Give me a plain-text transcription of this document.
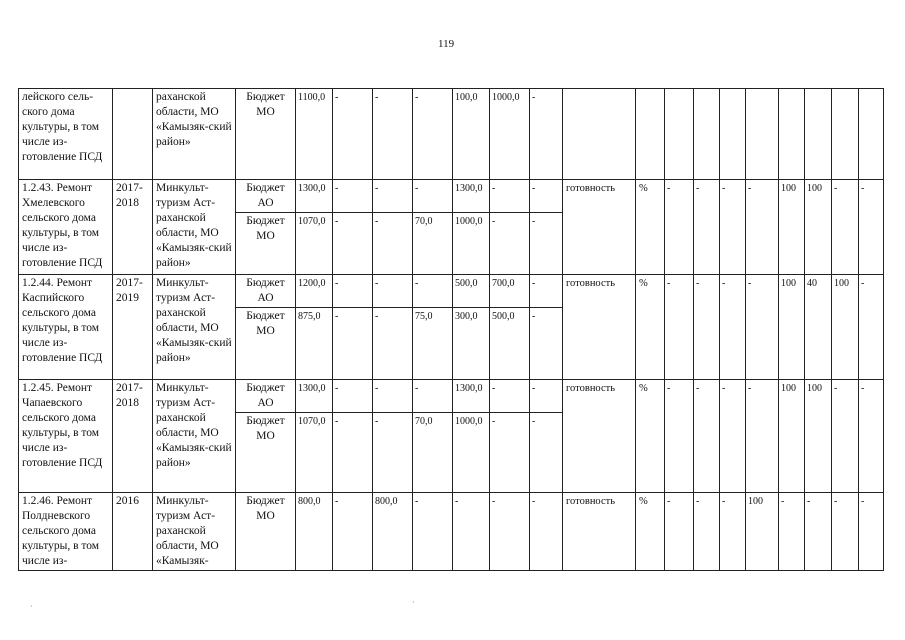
119
лейского сель-ского дома культуры, в том числе из-готовление ПСД		раханской области, МО «Камызяк-ский район»	Бюджет МО	1100,0	-	-	-	100,0	1000,0	-										
1.2.43. Ремонт Хмелевского сельского дома культуры, в том числе из-готовление ПСД	2017-2018	Минкульт-туризм Аст-раханской области, МО «Камызяк-ский район»	Бюджет АО	1300,0	-	-	-	1300,0	-	-	готовность	%	-	-	-	-	100	100	-	-
			Бюджет МО	1070,0	-	-	70,0	1000,0	-	-										
1.2.44. Ремонт Каспийского сельского дома культуры, в том числе из-готовление ПСД	2017-2019	Минкульт-туризм Аст-раханской области, МО «Камызяк-ский район»	Бюджет АО	1200,0	-	-	-	500,0	700,0	-	готовность	%	-	-	-	-	100	40	100	-
			Бюджет МО	875,0	-	-	75,0	300,0	500,0	-										
1.2.45. Ремонт Чапаевского сельского дома культуры, в том числе из-готовление ПСД	2017-2018	Минкульт-туризм Аст-раханской области, МО «Камызяк-ский район»	Бюджет АО	1300,0	-	-	-	1300,0	-	-	готовность	%	-	-	-	-	100	100	-	-
			Бюджет МО	1070,0	-	-	70,0	1000,0	-	-										
1.2.46. Ремонт Полдневского сельского дома культуры, в том числе из-	2016	Минкульт-туризм Аст-раханской области, МО «Камызяк-	Бюджет МО	800,0	-	800,0	-	-	-	-	готовность	%	-	-	-	100	-	-	-	-
·	·
